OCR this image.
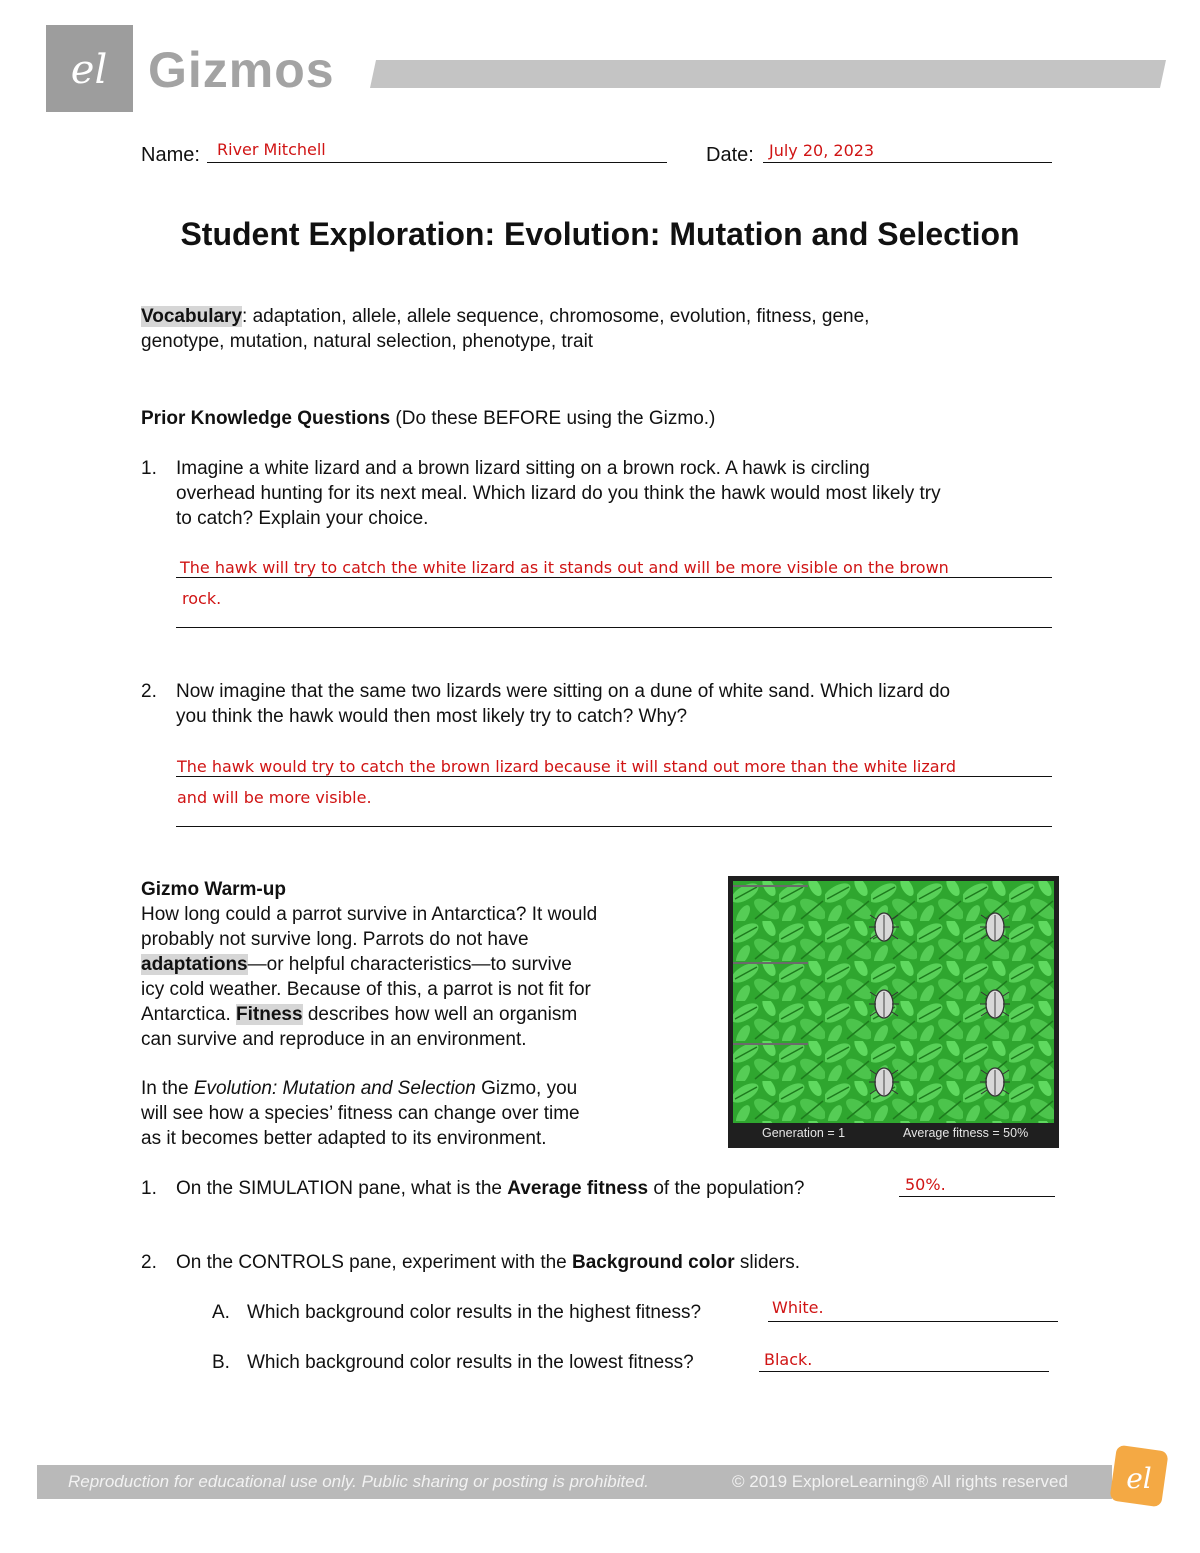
el Gizmos
Name: River Mitchell	Date: July 20, 2023
Student Exploration: Evolution: Mutation and Selection
Vocabulary: adaptation, allele, allele sequence, chromosome, evolution, fitness, gene,
genotype, mutation, natural selection, phenotype, trait
Prior Knowledge Questions (Do these BEFORE using the Gizmo.)
1. Imagine a white lizard and a brown lizard sitting on a brown rock. A hawk is circling
overhead hunting for its next meal. Which lizard do you think the hawk would most likely try
to catch? Explain your choice.
The hawk will try to catch the white lizard as it stands out and will be more visible on the brown
rock.
2. Now imagine that the same two lizards were sitting on a dune of white sand. Which lizard do
you think the hawk would then most likely try to catch? Why?
The hawk would try to catch the brown lizard because it will stand out more than the white lizard
and will be more visible.
Gizmo Warm-up
How long could a parrot survive in Antarctica? It would
probably not survive long. Parrots do not have
adaptations—or helpful characteristics—to survive
icy cold weather. Because of this, a parrot is not fit for
Antarctica. Fitness describes how well an organism
can survive and reproduce in an environment.
In the Evolution: Mutation and Selection Gizmo, you
will see how a species’ fitness can change over time
as it becomes better adapted to its environment.	Generation = 1	Average fitness = 50%
1. On the SIMULATION pane, what is the Average fitness of the population?	50%.
2. On the CONTROLS pane, experiment with the Background color sliders.
A. Which background color results in the highest fitness?	White.
B. Which background color results in the lowest fitness?	Black.
Reproduction for educational use only. Public sharing or posting is prohibited.	© 2019 ExploreLearning® All rights reserved el
